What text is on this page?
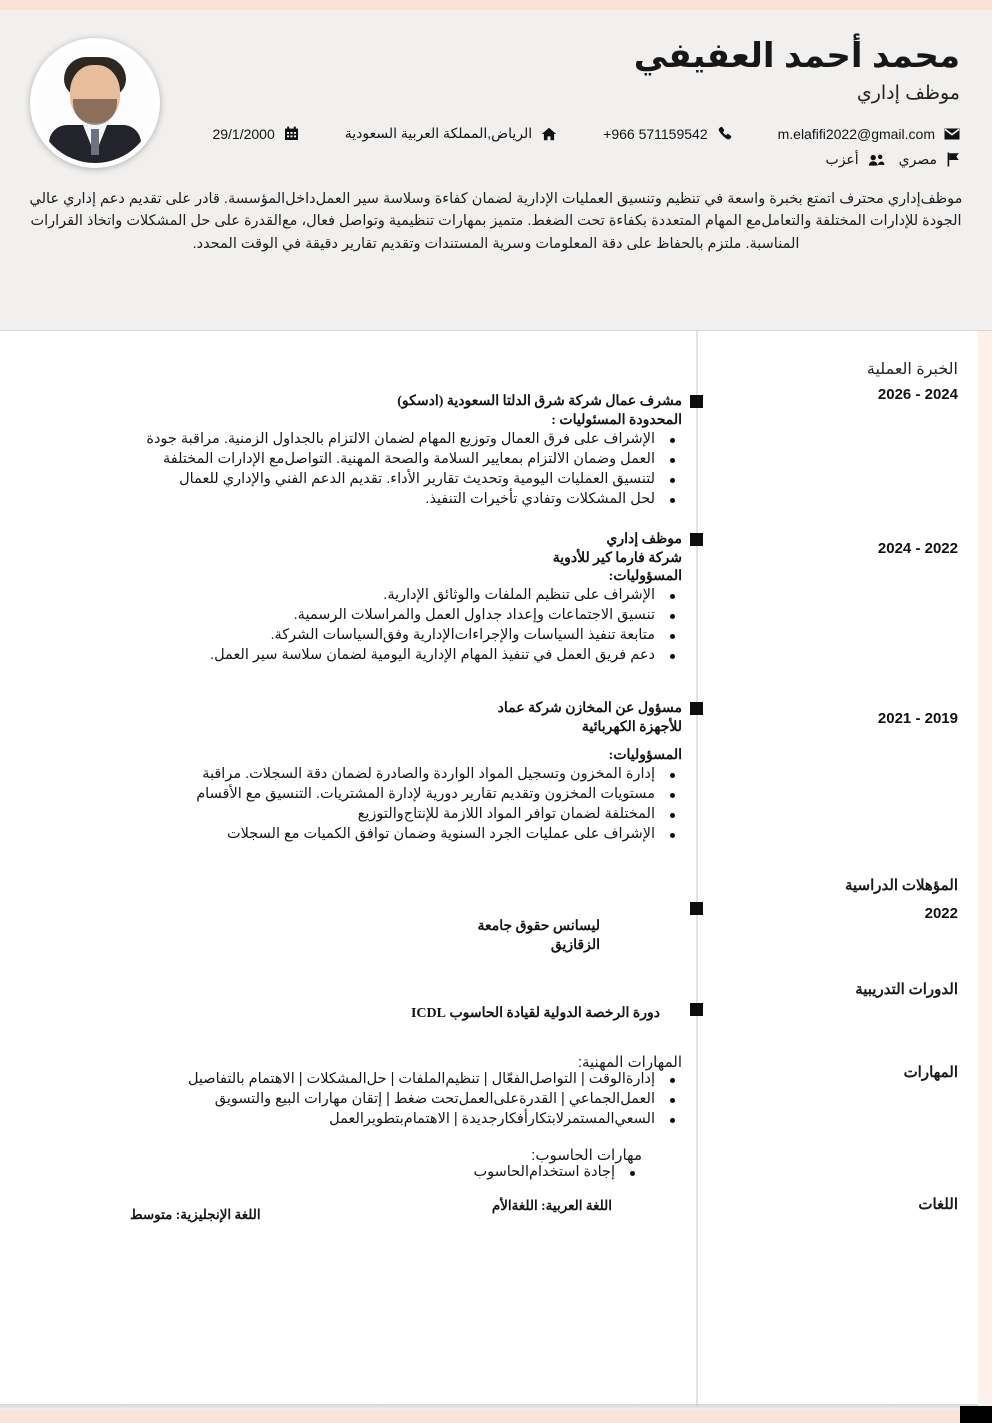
محمد أحمد العفيفي
موظف إداري
m.elafifi2022@gmail.com
+966 571159542
الرياض,المملكة العربية السعودية
29/1/2000
مصري
أعزب

موظف‌إداري محترف اتمتع بخبرة واسعة في تنظيم وتنسيق العمليات الإدارية لضمان كفاءة وسلاسة سير العمل‌داخل‌المؤسسة. قادر على تقديم دعم إداري عالي الجودة للإدارات المختلفة والتعامل‌مع المهام المتعددة بكفاءة تحت الضغط. متميز بمهارات تنظيمية وتواصل فعال، مع‌القدرة على حل المشكلات واتخاذ القرارات المناسبة. ملتزم بالحفاظ على دقة المعلومات وسرية المستندات وتقديم تقارير دقيقة في الوقت المحدد.

الخبرة العملية
2024 - 2026
مشرف عمال شركة شرق الدلتا السعودية (ادسكو)
المحدودة المسئوليات :
الإشراف على فرق العمال وتوزيع المهام لضمان الالتزام بالجداول الزمنية. مراقبة جودة
العمل وضمان الالتزام بمعايير السلامة والصحة المهنية. التواصل‌مع الإدارات المختلفة
لتنسيق العمليات اليومية وتحديث تقارير الأداء. تقديم الدعم الفني والإداري للعمال
لحل المشكلات وتفادي تأخيرات التنفيذ.
2022 - 2024
موظف إداري
شركة فارما كير للأدوية
المسؤوليات:
الإشراف على تنظيم الملفات والوثائق الإدارية.
تنسيق الاجتماعات وإعداد جداول العمل والمراسلات الرسمية.
متابعة تنفيذ السياسات والإجراءات‌الإدارية وفق‌السياسات الشركة.
دعم فريق العمل في تنفيذ المهام الإدارية اليومية لضمان سلاسة سير العمل.
2019 - 2021
مسؤول عن المخازن شركة عماد
للأجهزة الكهربائية
المسؤوليات:
إدارة المخزون وتسجيل المواد الواردة والصادرة لضمان دقة السجلات. مراقبة
مستويات المخزون وتقديم تقارير دورية لإدارة المشتريات. التنسيق مع الأقسام
المختلفة لضمان توافر المواد اللازمة للإنتاج‌والتوزيع
الإشراف على عمليات الجرد السنوية وضمان توافق الكميات مع السجلات
المؤهلات الدراسية
2022
ليسانس حقوق جامعة
الزقازيق
الدورات التدريبية
دورة الرخصة الدولية لقيادة الحاسوب ICDL
المهارات
المهارات المهنية:
إدارة‌الوقت | التواصل‌الفعّال | تنظيم‌الملفات | حل‌المشكلات | الاهتمام بالتفاصيل
العمل‌الجماعي | القدرة‌على‌العمل‌تحت ضغط | إتقان مهارات البيع والتسويق
السعي‌المستمر‌لابتكار‌أفكار‌جديدة | الاهتمام‌بتطوير‌العمل
مهارات الحاسوب:
إجادة استخدام‌الحاسوب
اللغات
اللغة العربية: اللغة‌الأم
اللغة الإنجليزية: متوسط
